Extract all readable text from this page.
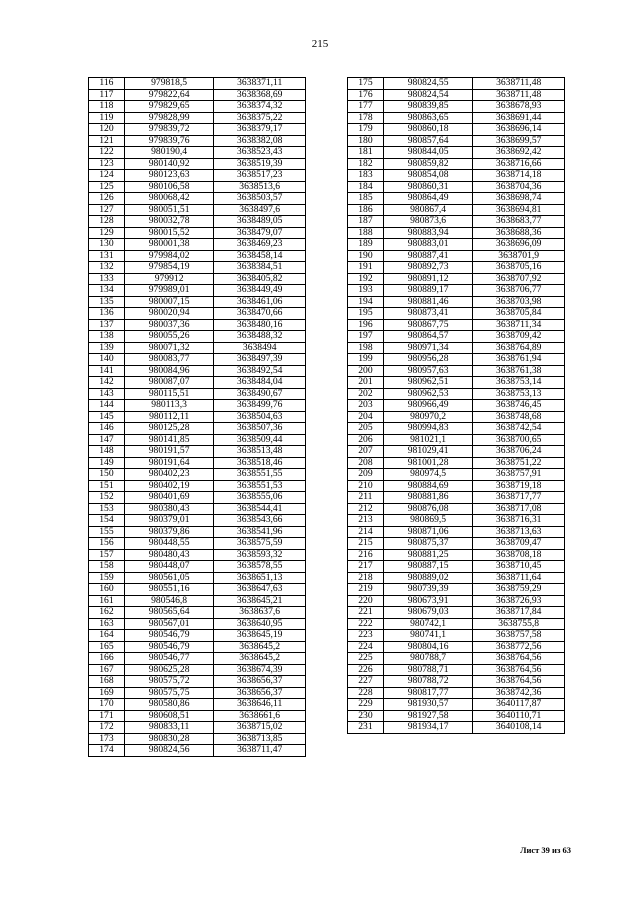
215
116	979818,5	3638371,11
117	979822,64	3638368,69
118	979829,65	3638374,32
119	979828,99	3638375,22
120	979839,72	3638379,17
121	979839,76	3638382,08
122	980190,4	3638523,43
123	980140,92	3638519,39
124	980123,63	3638517,23
125	980106,58	3638513,6
126	980068,42	3638503,57
127	980051,51	3638497,6
128	980032,78	3638489,05
129	980015,52	3638479,07
130	980001,38	3638469,23
131	979984,02	3638458,14
132	979854,19	3638384,51
133	979912	3638405,82
134	979989,01	3638449,49
135	980007,15	3638461,06
136	980020,94	3638470,66
137	980037,36	3638480,16
138	980055,26	3638488,32
139	980071,32	3638494
140	980083,77	3638497,39
141	980084,96	3638492,54
142	980087,07	3638484,04
143	980115,51	3638490,67
144	980113,3	3638499,76
145	980112,11	3638504,63
146	980125,28	3638507,36
147	980141,85	3638509,44
148	980191,57	3638513,48
149	980191,64	3638518,46
150	980402,23	3638551,55
151	980402,19	3638551,53
152	980401,69	3638555,06
153	980380,43	3638544,41
154	980379,01	3638543,66
155	980379,86	3638541,96
156	980448,55	3638575,59
157	980480,43	3638593,32
158	980448,07	3638578,55
159	980561,05	3638651,13
160	980551,16	3638647,63
161	980546,8	3638645,21
162	980565,64	3638637,6
163	980567,01	3638640,95
164	980546,79	3638645,19
165	980546,79	3638645,2
166	980546,77	3638645,2
167	980625,28	3638674,39
168	980575,72	3638656,37
169	980575,75	3638656,37
170	980580,86	3638646,11
171	980608,51	3638661,6
172	980833,11	3638715,02
173	980830,28	3638713,85
174	980824,56	3638711,47
175	980824,55	3638711,48
176	980824,54	3638711,48
177	980839,85	3638678,93
178	980863,65	3638691,44
179	980860,18	3638696,14
180	980857,64	3638699,57
181	980844,05	3638692,42
182	980859,82	3638716,66
183	980854,08	3638714,18
184	980860,31	3638704,36
185	980864,49	3638698,74
186	980867,4	3638694,81
187	980873,6	3638683,77
188	980883,94	3638688,36
189	980883,01	3638696,09
190	980887,41	3638701,9
191	980892,73	3638705,16
192	980891,12	3638707,92
193	980889,17	3638706,77
194	980881,46	3638703,98
195	980873,41	3638705,84
196	980867,75	3638711,34
197	980864,57	3638709,42
198	980971,34	3638764,89
199	980956,28	3638761,94
200	980957,63	3638761,38
201	980962,51	3638753,14
202	980962,53	3638753,13
203	980966,49	3638746,45
204	980970,2	3638748,68
205	980994,83	3638742,54
206	981021,1	3638700,65
207	981029,41	3638706,24
208	981001,28	3638751,22
209	980974,5	3638757,91
210	980884,69	3638719,18
211	980881,86	3638717,77
212	980876,08	3638717,08
213	980869,5	3638716,31
214	980871,06	3638713,63
215	980875,37	3638709,47
216	980881,25	3638708,18
217	980887,15	3638710,45
218	980889,02	3638711,64
219	980739,39	3638759,29
220	980673,91	3638726,93
221	980679,03	3638717,84
222	980742,1	3638755,8
223	980741,1	3638757,58
224	980804,16	3638772,56
225	980788,7	3638764,56
226	980788,71	3638764,56
227	980788,72	3638764,56
228	980817,77	3638742,36
229	981930,57	3640117,87
230	981927,58	3640110,71
231	981934,17	3640108,14
Лист 39 из 63
